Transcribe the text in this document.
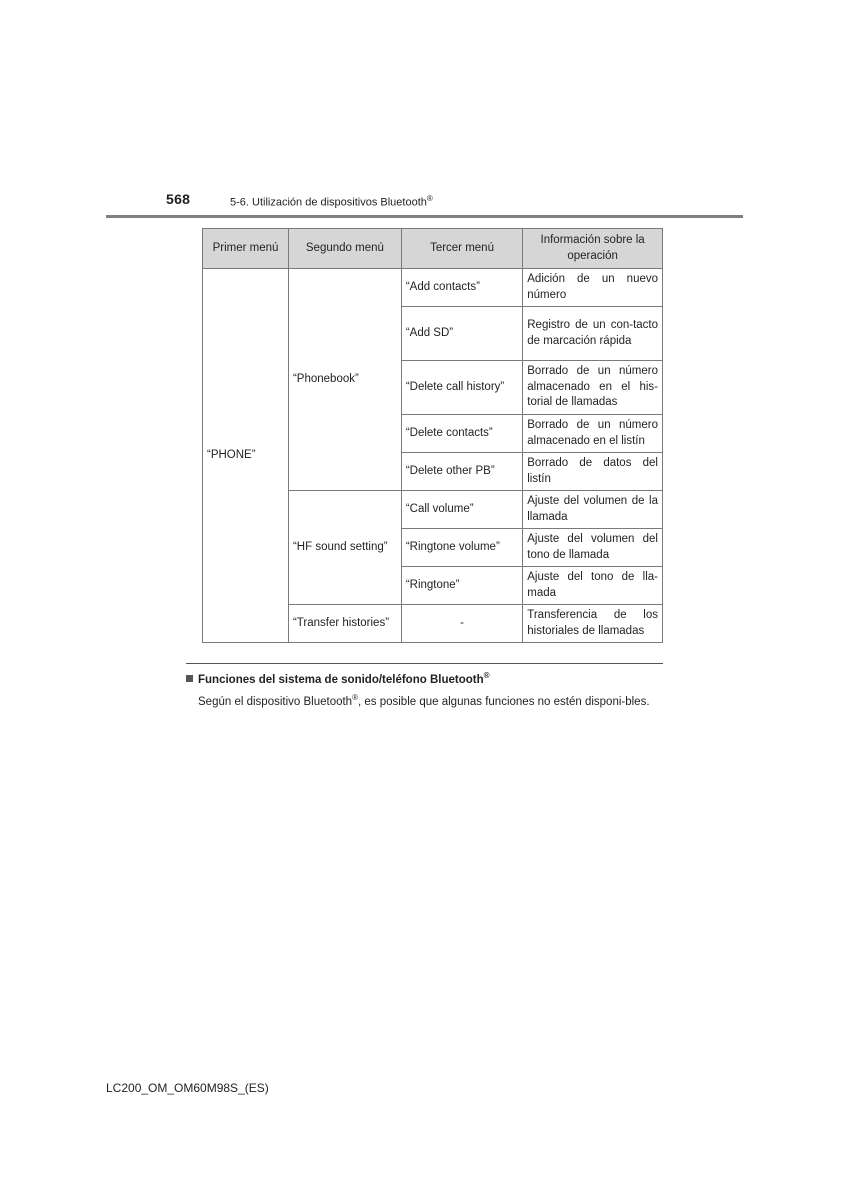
568	5-6. Utilización de dispositivos Bluetooth®
Primer menú	Segundo menú	Tercer menú	Información sobre la operación
“PHONE”	“Phonebook”	“Add contacts”	Adición de un nuevo número
		“Add SD”	Registro de un con-tacto de marcación rápida
		“Delete call history”	Borrado de un número almacenado en el his-torial de llamadas
		“Delete contacts”	Borrado de un número almacenado en el listín
		“Delete other PB”	Borrado de datos del listín
	“HF sound setting”	“Call volume”	Ajuste del volumen de la llamada
		“Ringtone volume”	Ajuste del volumen del tono de llamada
		“Ringtone”	Ajuste del tono de lla-mada
	“Transfer histories”	-	Transferencia de los historiales de llamadas
Funciones del sistema de sonido/teléfono Bluetooth®
Según el dispositivo Bluetooth®, es posible que algunas funciones no estén disponi-bles.
LC200_OM_OM60M98S_(ES)
